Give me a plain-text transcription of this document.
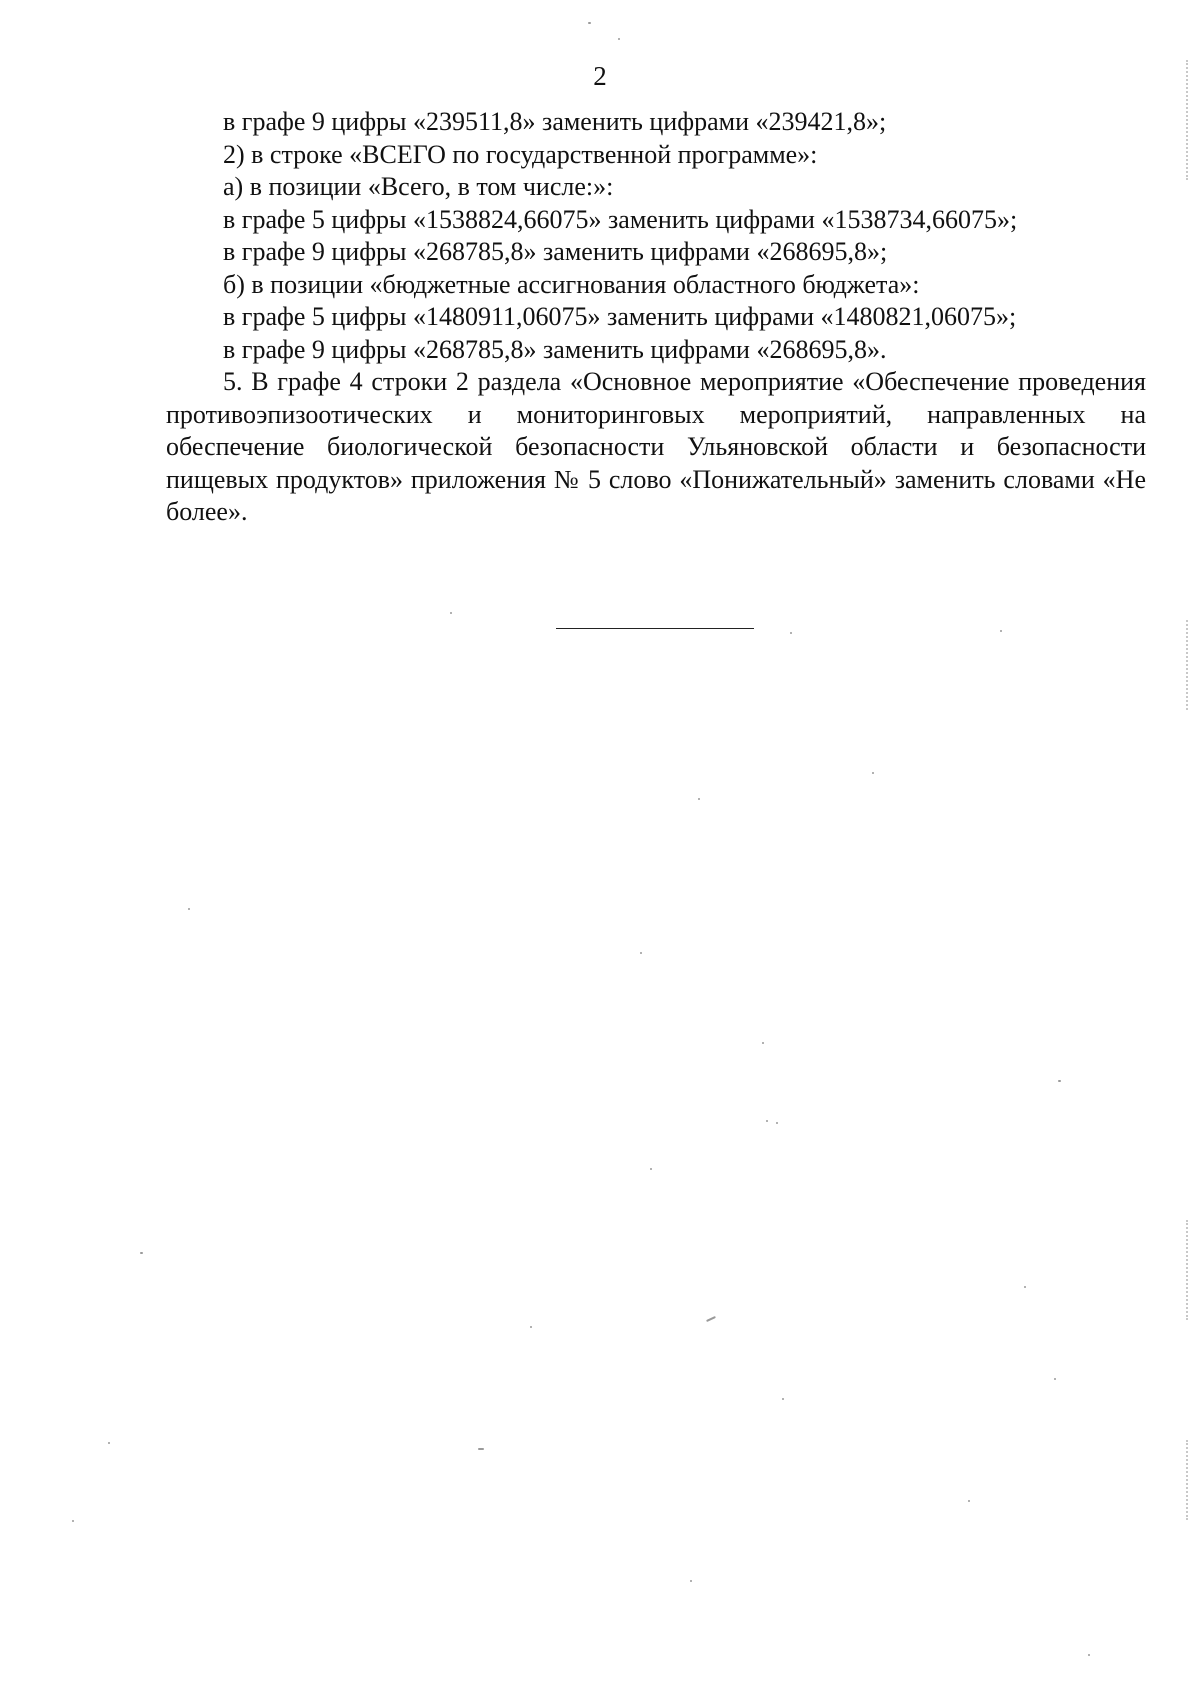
2

в графе 9 цифры «239511,8» заменить цифрами «239421,8»;

2) в строке «ВСЕГО по государственной программе»:

а) в позиции «Всего, в том числе:»:

в графе 5 цифры «1538824,66075» заменить цифрами «1538734,66075»;

в графе 9 цифры «268785,8» заменить цифрами «268695,8»;

б) в позиции «бюджетные ассигнования областного бюджета»:

в графе 5 цифры «1480911,06075» заменить цифрами «1480821,06075»;

в графе 9 цифры «268785,8» заменить цифрами «268695,8».

5. В графе 4 строки 2 раздела «Основное мероприятие «Обеспечение проведения противоэпизоотических и мониторинговых мероприятий, направленных на обеспечение биологической безопасности Ульяновской области и безопасности пищевых продуктов» приложения № 5 слово «Понижательный» заменить словами «Не более».
